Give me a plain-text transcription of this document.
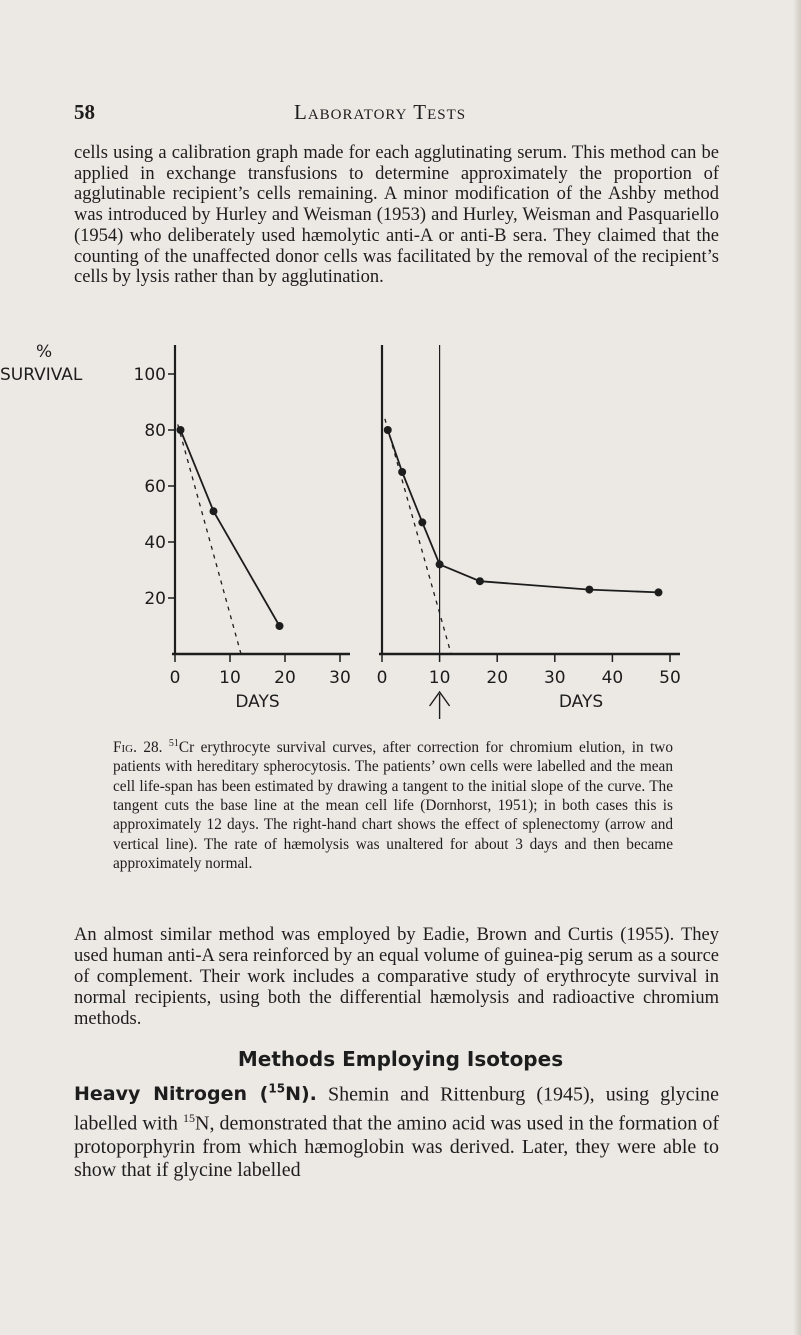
58	Laboratory Tests
cells using a calibration graph made for each agglutinating serum. This method can be applied in exchange transfusions to determine approximately the proportion of agglutinable recipient’s cells remaining. A minor modification of the Ashby method was introduced by Hurley and Weisman (1953) and Hurley, Weisman and Pasquariello (1954) who deliberately used hæmolytic anti-A or anti-B sera. They claimed that the counting of the unaffected donor cells was facilitated by the removal of the recipient’s cells by lysis rather than by agglutination.
%
SURVIVAL
0 10 20 30
DAYS
100
80
60
40
20
0 10 20 30 40 50
DAYS
Fig. 28. $^{51}$Cr erythrocyte survival curves, after correction for chromium elution, in two patients with hereditary spherocytosis. The patients’ own cells were labelled and the mean cell life-span has been estimated by drawing a tangent to the initial slope of the curve. The tangent cuts the base line at the mean cell life (Dornhorst, 1951); in both cases this is approximately 12 days. The right-hand chart shows the effect of splenectomy (arrow and vertical line). The rate of hæmolysis was unaltered for about 3 days and then became approximately normal.
An almost similar method was employed by Eadie, Brown and Curtis (1955). They used human anti-A sera reinforced by an equal volume of guinea-pig serum as a source of complement. Their work includes a comparative study of erythrocyte survival in normal recipients, using both the differential hæmolysis and radioactive chromium methods.
Methods Employing Isotopes
Heavy Nitrogen ($^{15}$N). Shemin and Rittenburg (1945), using glycine labelled with $^{15}$N, demonstrated that the amino acid was used in the formation of protoporphyrin from which hæmoglobin was derived. Later, they were able to show that if glycine labelled
